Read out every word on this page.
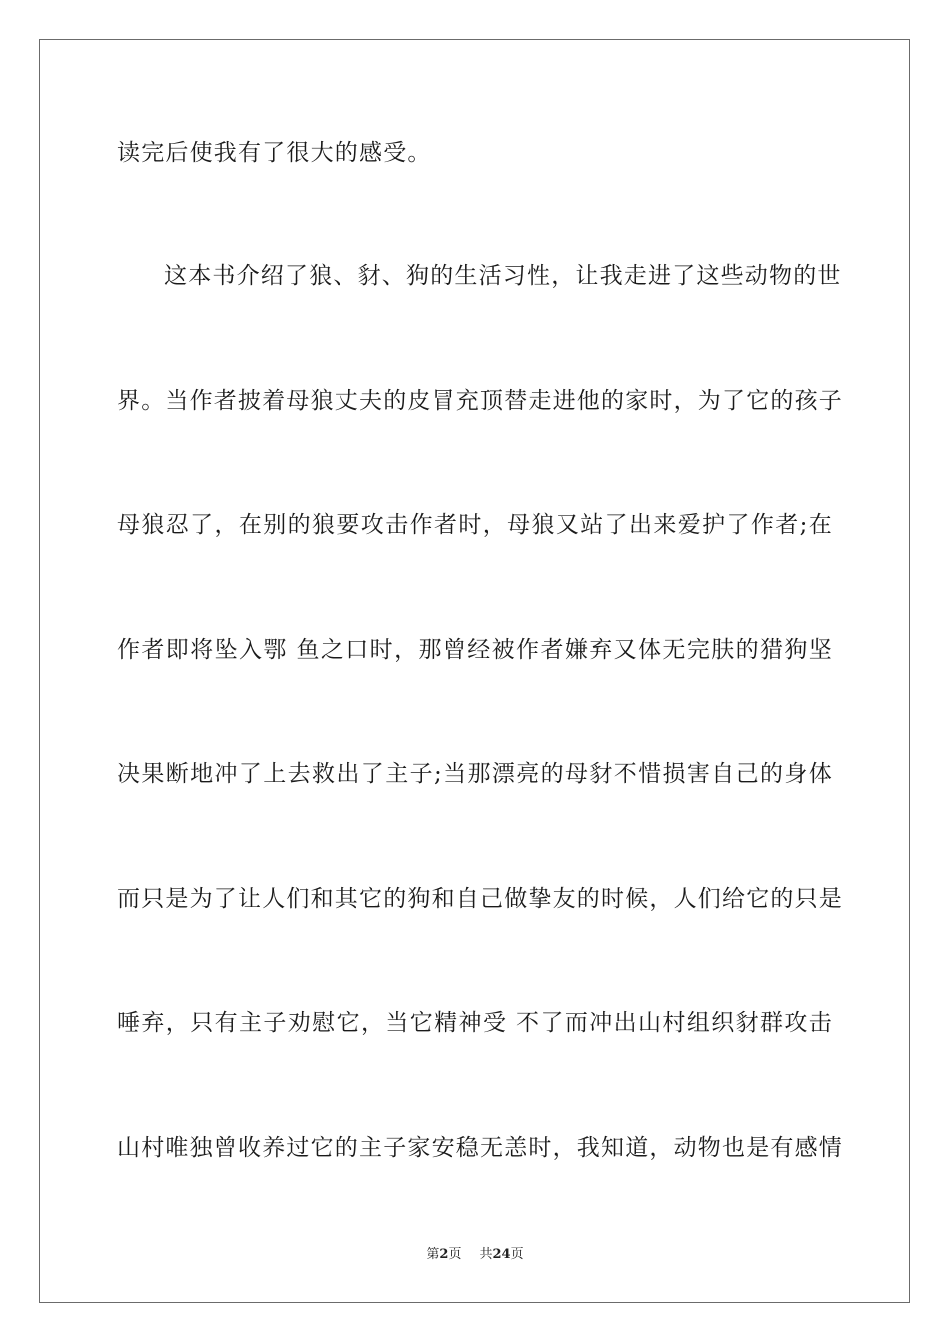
读完后使我有了很大的感受。
这本书介绍了狼、豺、狗的生活习性，让我走进了这些动物的世
界。当作者披着母狼丈夫的皮冒充顶替走进他的家时，为了它的孩子
母狼忍了，在别的狼要攻击作者时，母狼又站了出来爱护了作者;在
作者即将坠入鄂 鱼之口时，那曾经被作者嫌弃又体无完肤的猎狗坚
决果断地冲了上去救出了主子;当那漂亮的母豺不惜损害自己的身体
而只是为了让人们和其它的狗和自己做挚友的时候，人们给它的只是
唾弃，只有主子劝慰它，当它精神受 不了而冲出山村组织豺群攻击
山村唯独曾收养过它的主子家安稳无恙时，我知道，动物也是有感情
第2页 共24页
